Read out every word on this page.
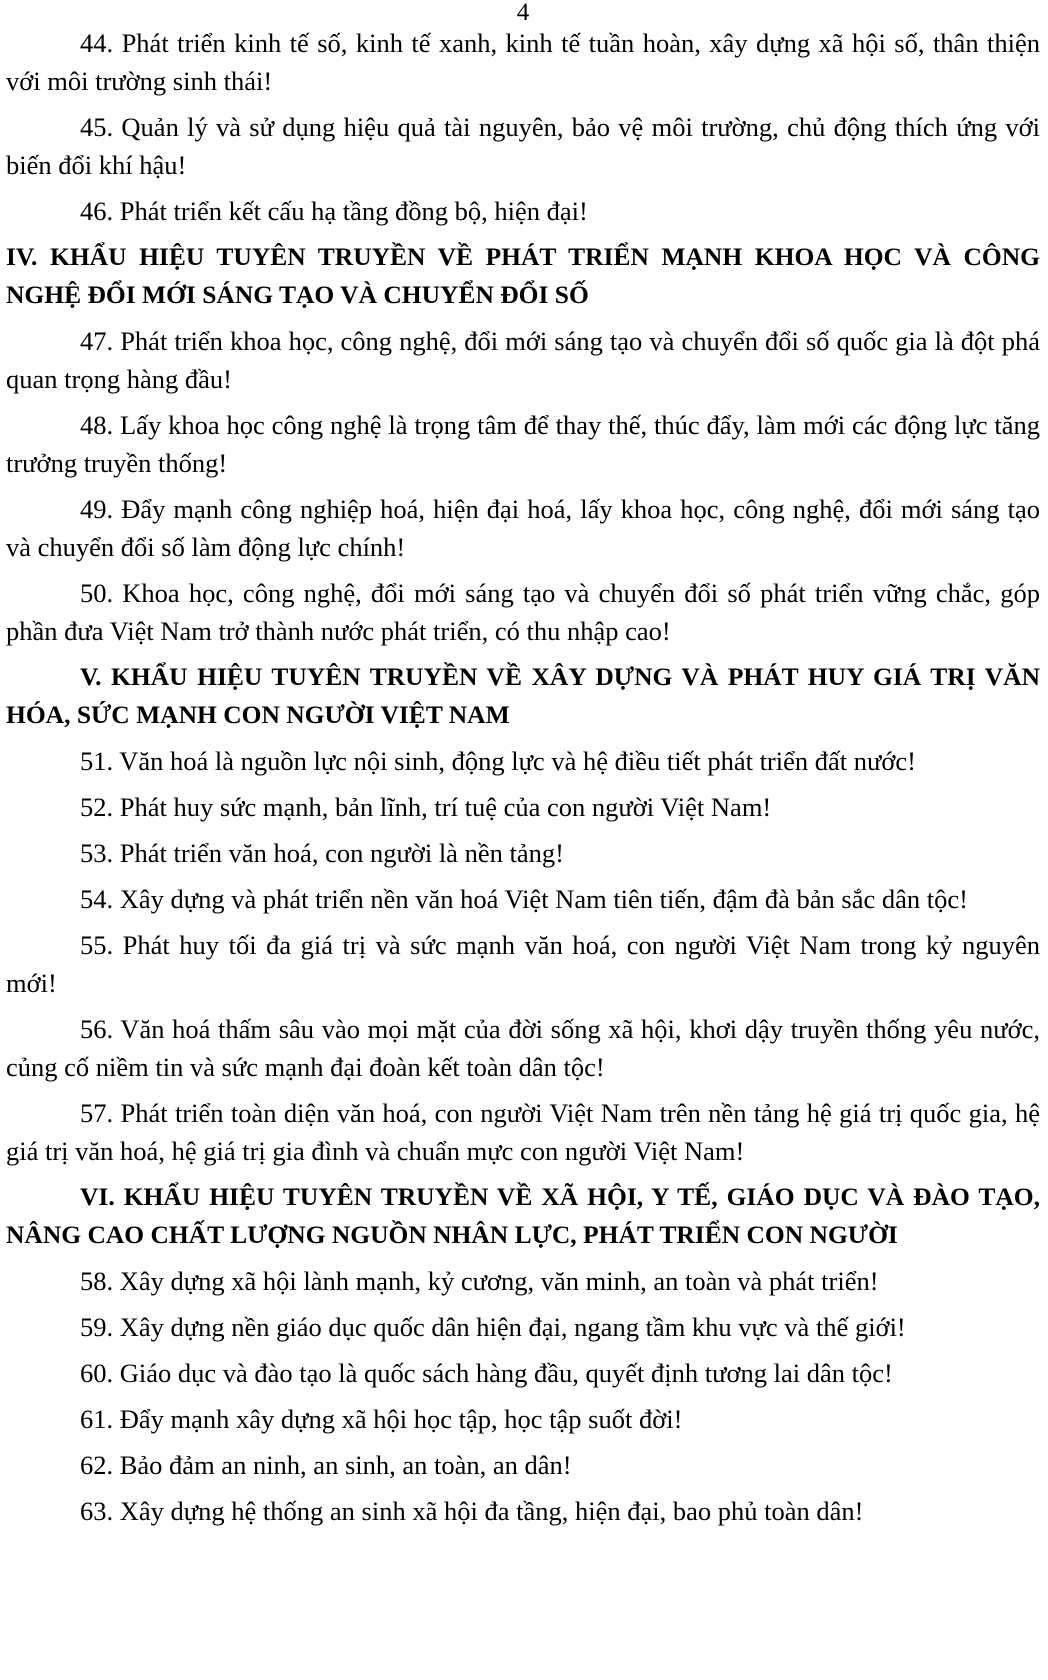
4

44. Phát triển kinh tế số, kinh tế xanh, kinh tế tuần hoàn, xây dựng xã hội số, thân thiện với môi trường sinh thái!

45. Quản lý và sử dụng hiệu quả tài nguyên, bảo vệ môi trường, chủ động thích ứng với biến đổi khí hậu!

46. Phát triển kết cấu hạ tầng đồng bộ, hiện đại!

IV. KHẨU HIỆU TUYÊN TRUYỀN VỀ PHÁT TRIỂN MẠNH KHOA HỌC VÀ CÔNG NGHỆ ĐỔI MỚI SÁNG TẠO VÀ CHUYỂN ĐỔI SỐ

47. Phát triển khoa học, công nghệ, đổi mới sáng tạo và chuyển đổi số quốc gia là đột phá quan trọng hàng đầu!

48. Lấy khoa học công nghệ là trọng tâm để thay thế, thúc đẩy, làm mới các động lực tăng trưởng truyền thống!

49. Đẩy mạnh công nghiệp hoá, hiện đại hoá, lấy khoa học, công nghệ, đổi mới sáng tạo và chuyển đổi số làm động lực chính!

50. Khoa học, công nghệ, đổi mới sáng tạo và chuyển đổi số phát triển vững chắc, góp phần đưa Việt Nam trở thành nước phát triển, có thu nhập cao!

V. KHẨU HIỆU TUYÊN TRUYỀN VỀ XÂY DỰNG VÀ PHÁT HUY GIÁ TRỊ VĂN HÓA, SỨC MẠNH CON NGƯỜI VIỆT NAM

51. Văn hoá là nguồn lực nội sinh, động lực và hệ điều tiết phát triển đất nước!

52. Phát huy sức mạnh, bản lĩnh, trí tuệ của con người Việt Nam!

53. Phát triển văn hoá, con người là nền tảng!

54. Xây dựng và phát triển nền văn hoá Việt Nam tiên tiến, đậm đà bản sắc dân tộc!

55. Phát huy tối đa giá trị và sức mạnh văn hoá, con người Việt Nam trong kỷ nguyên mới!

56. Văn hoá thấm sâu vào mọi mặt của đời sống xã hội, khơi dậy truyền thống yêu nước, củng cố niềm tin và sức mạnh đại đoàn kết toàn dân tộc!

57. Phát triển toàn diện văn hoá, con người Việt Nam trên nền tảng hệ giá trị quốc gia, hệ giá trị văn hoá, hệ giá trị gia đình và chuẩn mực con người Việt Nam!

VI. KHẨU HIỆU TUYÊN TRUYỀN VỀ XÃ HỘI, Y TẾ, GIÁO DỤC VÀ ĐÀO TẠO, NÂNG CAO CHẤT LƯỢNG NGUỒN NHÂN LỰC, PHÁT TRIỂN CON NGƯỜI

58. Xây dựng xã hội lành mạnh, kỷ cương, văn minh, an toàn và phát triển!

59. Xây dựng nền giáo dục quốc dân hiện đại, ngang tầm khu vực và thế giới!

60. Giáo dục và đào tạo là quốc sách hàng đầu, quyết định tương lai dân tộc!

61. Đẩy mạnh xây dựng xã hội học tập, học tập suốt đời!

62. Bảo đảm an ninh, an sinh, an toàn, an dân!

63. Xây dựng hệ thống an sinh xã hội đa tầng, hiện đại, bao phủ toàn dân!
